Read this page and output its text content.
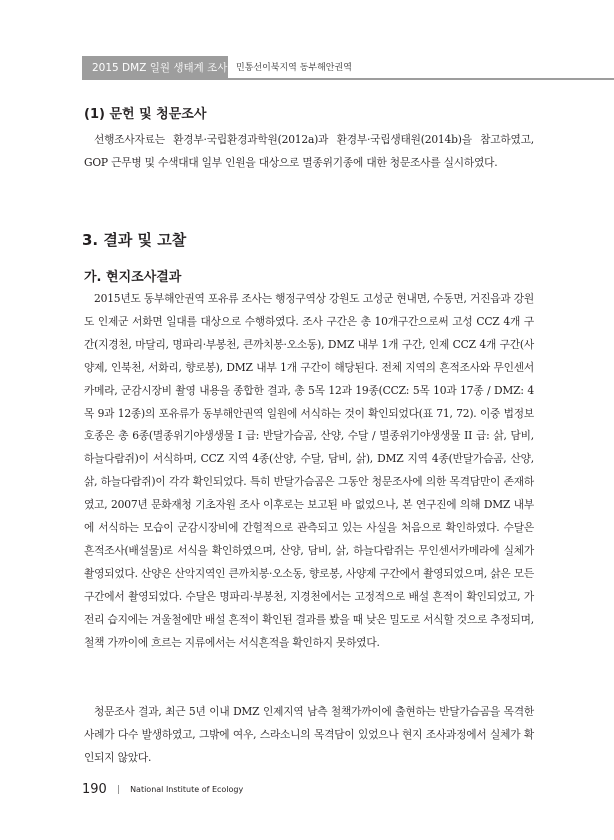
2015 DMZ 일원 생태계 조사 민통선이북지역 동부해안권역
(1) 문헌 및 청문조사

선행조사자료는 환경부·국립환경과학원(2012a)과 환경부·국립생태원(2014b)을 참고하였고, GOP 근무병 및 수색대대 일부 인원을 대상으로 멸종위기종에 대한 청문조사를 실시하였다.

3. 결과 및 고찰
가. 현지조사결과

2015년도 동부해안권역 포유류 조사는 행정구역상 강원도 고성군 현내면, 수동면, 거진읍과 강원도 인제군 서화면 일대를 대상으로 수행하였다. 조사 구간은 총 10개구간으로써 고성 CCZ 4개 구간(지경천, 마달리, 명파리·부봉천, 큰까치봉·오소동), DMZ 내부 1개 구간, 인제 CCZ 4개 구간(사양제, 인북천, 서화리, 향로봉), DMZ 내부 1개 구간이 해당된다. 전체 지역의 흔적조사와 무인센서카메라, 군감시장비 촬영 내용을 종합한 결과, 총 5목 12과 19종(CCZ: 5목 10과 17종 / DMZ: 4목 9과 12종)의 포유류가 동부해안권역 일원에 서식하는 것이 확인되었다(표 71, 72). 이중 법정보호종은 총 6종(멸종위기야생생물 I 급: 반달가슴곰, 산양, 수달 / 멸종위기야생생물 II 급: 삵, 담비, 하늘다람쥐)이 서식하며, CCZ 지역 4종(산양, 수달, 담비, 삵), DMZ 지역 4종(반달가슴곰, 산양, 삵, 하늘다람쥐)이 각각 확인되었다. 특히 반달가슴곰은 그동안 청문조사에 의한 목격담만이 존재하였고, 2007년 문화재청 기초자원 조사 이후로는 보고된 바 없었으나, 본 연구진에 의해 DMZ 내부에 서식하는 모습이 군감시장비에 간헐적으로 관측되고 있는 사실을 처음으로 확인하였다. 수달은 흔적조사(배설물)로 서식을 확인하였으며, 산양, 담비, 삵, 하늘다람쥐는 무인센서카메라에 실체가 촬영되었다. 산양은 산악지역인 큰까치봉·오소동, 향로봉, 사양제 구간에서 촬영되었으며, 삵은 모든 구간에서 촬영되었다. 수달은 명파리·부봉천, 지경천에서는 고정적으로 배설 흔적이 확인되었고, 가전리 습지에는 겨울철에만 배설 흔적이 확인된 결과를 봤을 때 낮은 밀도로 서식할 것으로 추정되며, 철책 가까이에 흐르는 지류에서는 서식흔적을 확인하지 못하였다.

청문조사 결과, 최근 5년 이내 DMZ 인제지역 남측 철책가까이에 출현하는 반달가슴곰을 목격한 사례가 다수 발생하였고, 그밖에 여우, 스라소니의 목격담이 있었으나 현지 조사과정에서 실체가 확인되지 않았다.

190 | National Institute of Ecology
